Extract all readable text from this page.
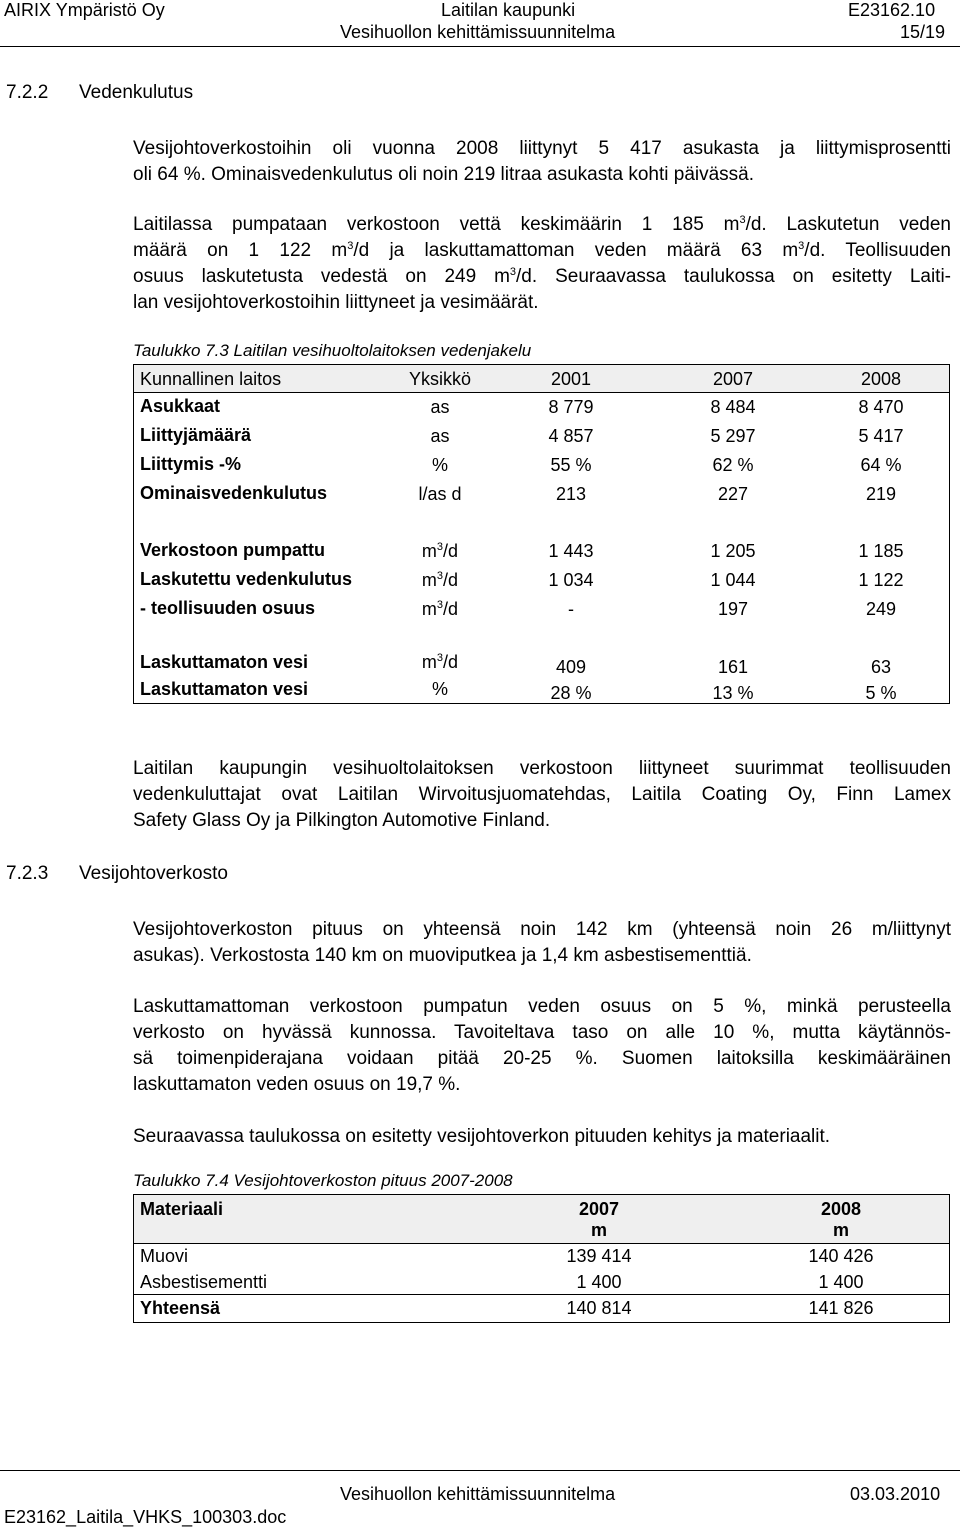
AIRIX Ympäristö Oy	Laitilan kaupunki	E23162.10
Vesihuollon kehittämissuunnitelma	15/19
7.2.2 Vedenkulutus
Vesijohtoverkostoihin oli vuonna 2008 liittynyt 5 417 asukasta ja liittymisprosentti
oli 64 %. Ominaisvedenkulutus oli noin 219 litraa asukasta kohti päivässä.
Laitilassa pumpataan verkostoon vettä keskimäärin 1 185 $m^3/d$. Laskutetun veden
määrä on 1 122 $m^3/d$ ja laskuttamattoman veden määrä 63 $m^3/d$. Teollisuuden
osuus laskutetusta vedestä on 249 $m^3/d$. Seuraavassa taulukossa on esitetty Laiti-
lan vesijohtoverkostoihin liittyneet ja vesimäärät.
Taulukko 7.3 Laitilan vesihuoltolaitoksen vedenjakelu
Kunnallinen laitos	Yksikkö	2001	2007	2008
Asukkaat	as	8 779	8 484	8 470
Liittyjämäärä	as	4 857	5 297	5 417
Liittymis -%	%	55 %	62 %	64 %
Ominaisvedenkulutus	l/as d	213	227	219
Verkostoon pumpattu	$m^3/d$	1 443	1 205	1 185
Laskutettu vedenkulutus	$m^3/d$	1 034	1 044	1 122
- teollisuuden osuus	$m^3/d$	-	197	249
Laskuttamaton vesi	$m^3/d$	409	161	63
Laskuttamaton vesi	%	28 %	13 %	5 %
Laitilan kaupungin vesihuoltolaitoksen verkostoon liittyneet suurimmat teollisuuden
vedenkuluttajat ovat Laitilan Wirvoitusjuomatehdas, Laitila Coating Oy, Finn Lamex
Safety Glass Oy ja Pilkington Automotive Finland.
7.2.3 Vesijohtoverkosto
Vesijohtoverkoston pituus on yhteensä noin 142 km (yhteensä noin 26 m/liittynyt
asukas). Verkostosta 140 km on muoviputkea ja 1,4 km asbestisementtiä.
Laskuttamattoman verkostoon pumpatun veden osuus on 5 %, minkä perusteella
verkosto on hyvässä kunnossa. Tavoiteltava taso on alle 10 %, mutta käytännös-
sä toimenpiderajana voidaan pitää 20-25 %. Suomen laitoksilla keskimääräinen
laskuttamaton veden osuus on 19,7 %.
Seuraavassa taulukossa on esitetty vesijohtoverkon pituuden kehitys ja materiaalit.
Taulukko 7.4 Vesijohtoverkoston pituus 2007-2008
Materiaali	2007	2008
m	m
Muovi	139 414	140 426
Asbestisementti	1 400	1 400
Yhteensä	140 814	141 826
Vesihuollon kehittämissuunnitelma	03.03.2010
E23162_Laitila_VHKS_100303.doc
